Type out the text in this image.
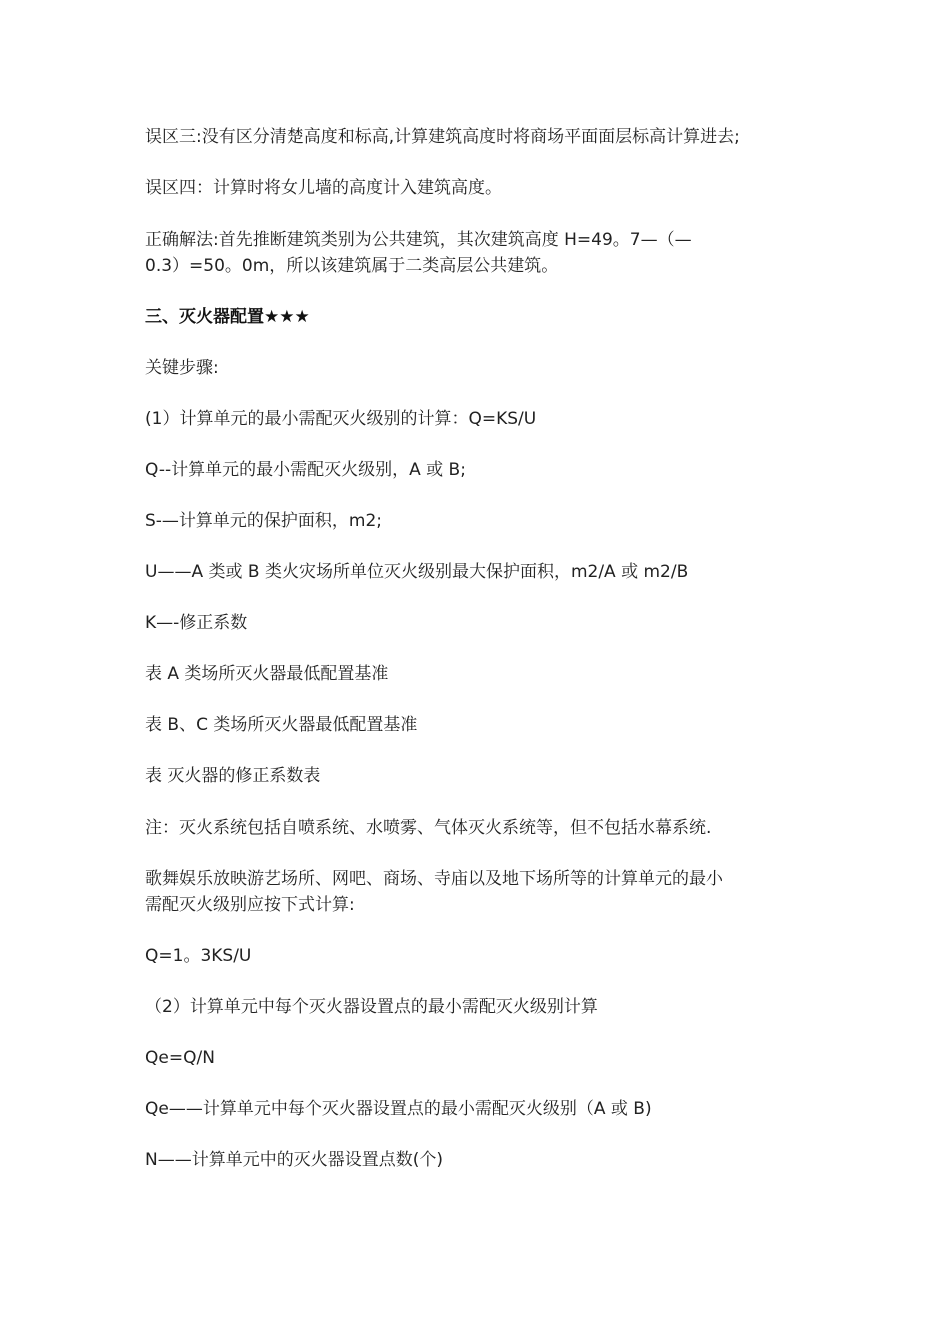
误区三:没有区分清楚高度和标高,计算建筑高度时将商场平面面层标高计算进去;
误区四：计算时将女儿墙的高度计入建筑高度。
正确解法:首先推断建筑类别为公共建筑，其次建筑高度 H=49。7—（—
0.3）=50。0m，所以该建筑属于二类高层公共建筑。
三、灭火器配置★★★
关键步骤:
(1）计算单元的最小需配灭火级别的计算：Q=KS/U
Q--计算单元的最小需配灭火级别，A 或 B;
S-—计算单元的保护面积，m2;
U——A 类或 B 类火灾场所单位灭火级别最大保护面积，m2/A 或 m2/B
K—-修正系数
表 A 类场所灭火器最低配置基准
表 B、C 类场所灭火器最低配置基准
表 灭火器的修正系数表
注：灭火系统包括自喷系统、水喷雾、气体灭火系统等，但不包括水幕系统.
歌舞娱乐放映游艺场所、网吧、商场、寺庙以及地下场所等的计算单元的最小
需配灭火级别应按下式计算:
Q=1。3KS/U
（2）计算单元中每个灭火器设置点的最小需配灭火级别计算
Qe=Q/N
Qe——计算单元中每个灭火器设置点的最小需配灭火级别（A 或 B)
N——计算单元中的灭火器设置点数(个)
